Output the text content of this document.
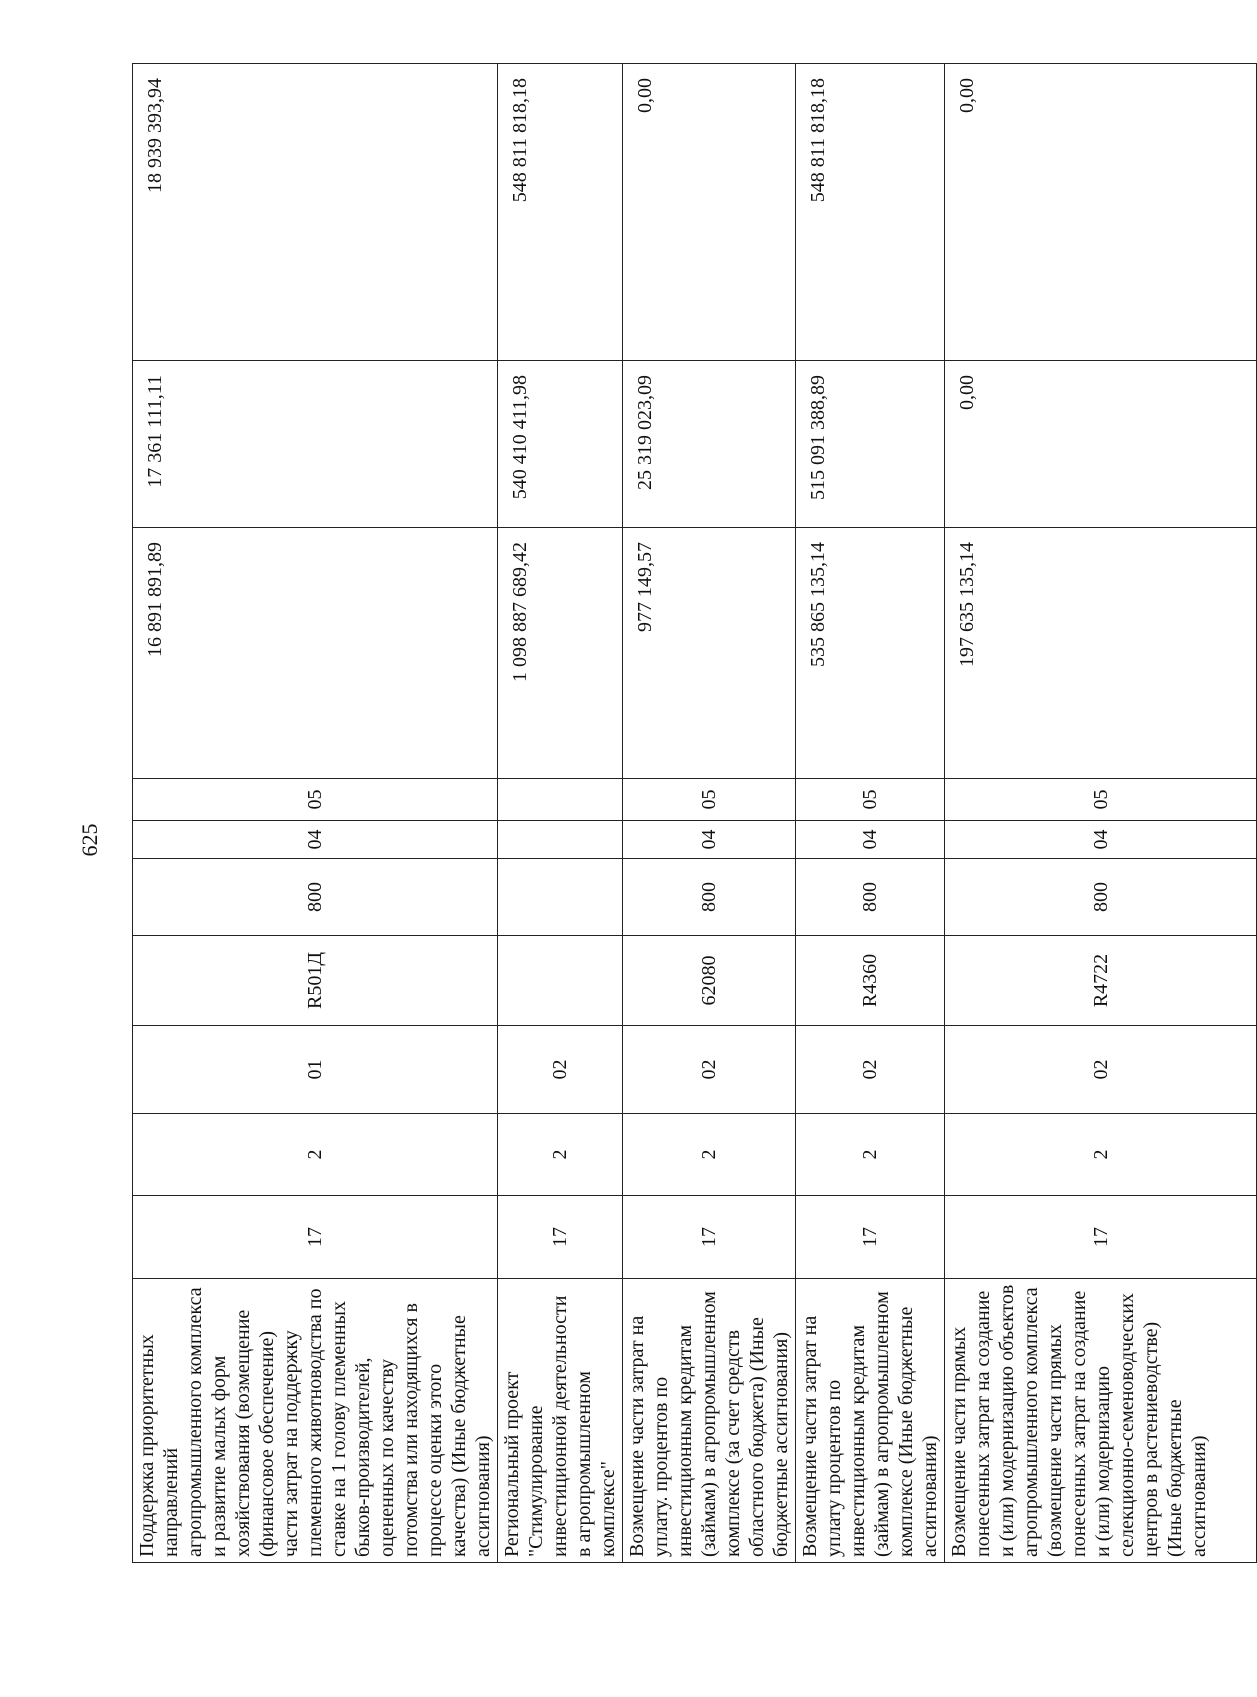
625
Поддержка приоритетных направлений агропромышленного комплекса и развитие малых форм хозяйствования (возмещение (финансовое обеспечение) части затрат на поддержку племенного животноводства по ставке на 1 голову племенных быков-производителей, оцененных по качеству потомства или находящихся в процессе оценки этого качества) (Иные бюджетные ассигнования)	17	2	01	R501Д	800	04	05	16 891 891,89	17 361 111,11	18 939 393,94
Региональный проект "Стимулирование инвестиционной деятельности в агропромышленном комплексе"	17	2	02					1 098 887 689,42	540 410 411,98	548 811 818,18
Возмещение части затрат на уплату. процентов по инвестиционным кредитам (займам) в агропромышленном комплексе (за счет средств областного бюджета) (Иные бюджетные ассигнования)	17	2	02	62080	800	04	05	977 149,57	25 319 023,09	0,00
Возмещение части затрат на уплату процентов по инвестиционным кредитам (займам) в агропромышленном комплексе (Иные бюджетные ассигнования)	17	2	02	R4360	800	04	05	535 865 135,14	515 091 388,89	548 811 818,18
Возмещение части прямых понесенных затрат на создание и (или) модернизацию объектов агропромышленного комплекса (возмещение части прямых понесенных затрат на создание и (или) модернизацию селекционно-семеноводческих центров в растениеводстве) (Иные бюджетные ассигнования)	17	2	02	R4722	800	04	05	197 635 135,14	0,00	0,00
